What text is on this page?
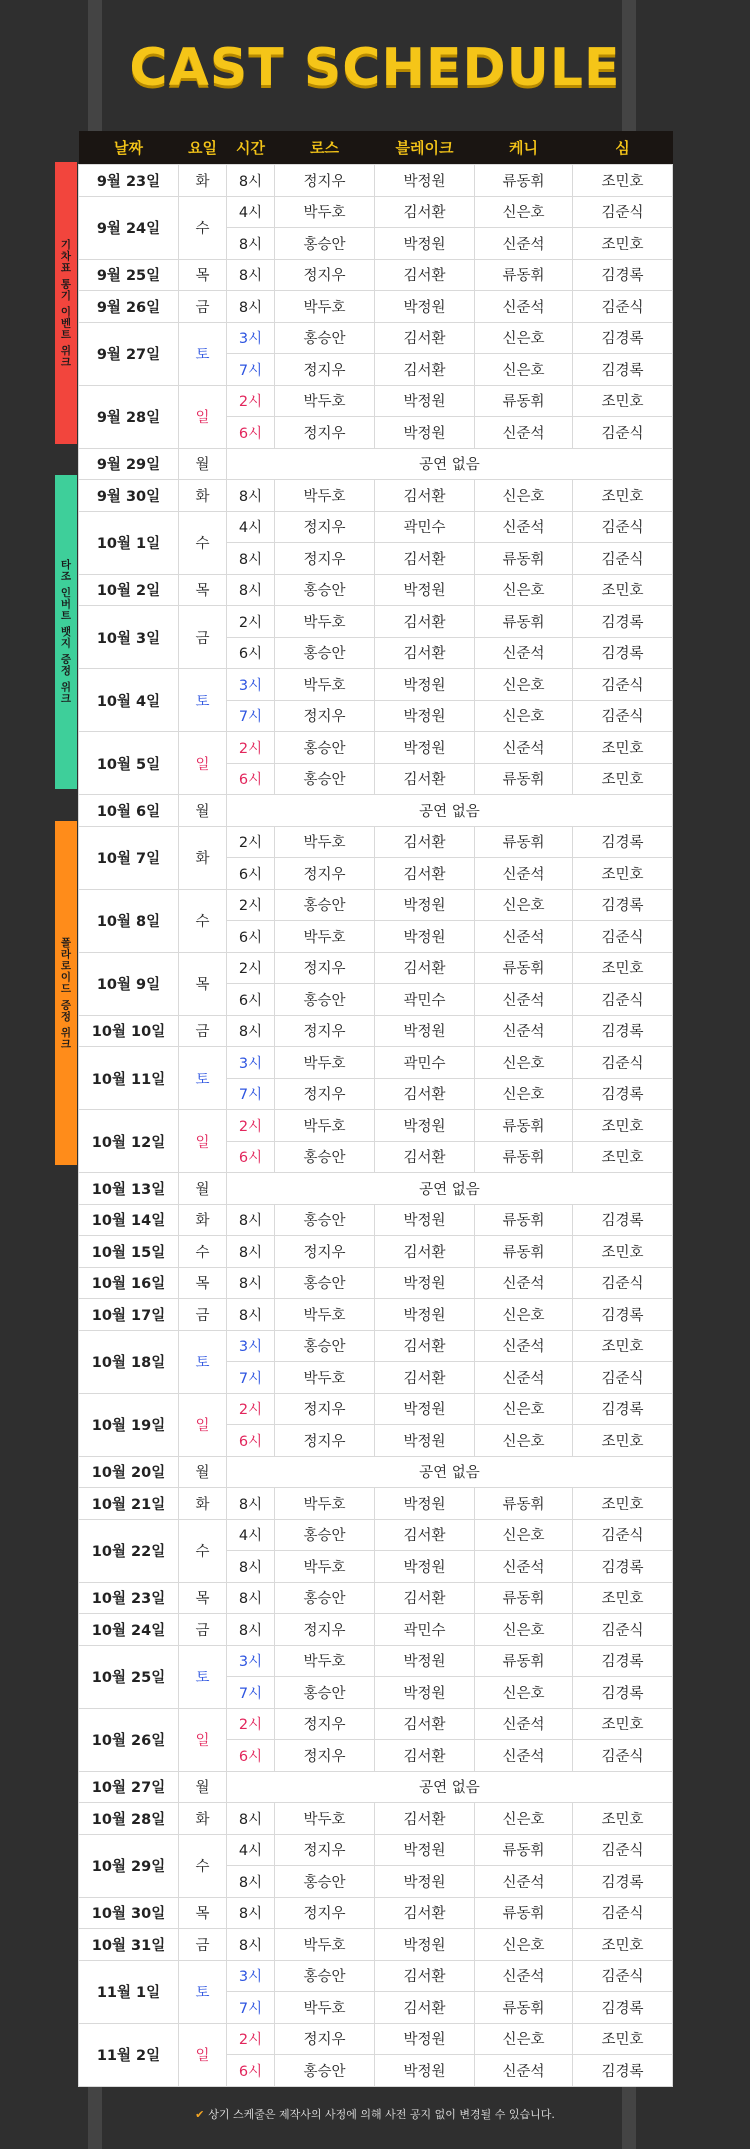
CAST SCHEDULE
기차표 통기 이벤트 위크
타조 인버트 뱃지 증정 위크
폴라로이드 증정 위크
날짜	요일	시간	로스	블레이크	케니	심
9월 23일	화	8시	정지우	박정원	류동휘	조민호
9월 24일	수	4시	박두호	김서환	신은호	김준식
		8시	홍승안	박정원	신준석	조민호
9월 25일	목	8시	정지우	김서환	류동휘	김경록
9월 26일	금	8시	박두호	박정원	신준석	김준식
9월 27일	토	3시	홍승안	김서환	신은호	김경록
		7시	정지우	김서환	신은호	김경록
9월 28일	일	2시	박두호	박정원	류동휘	조민호
		6시	정지우	박정원	신준석	김준식
9월 29일	월	공연 없음				
9월 30일	화	8시	박두호	김서환	신은호	조민호
10월 1일	수	4시	정지우	곽민수	신준석	김준식
		8시	정지우	김서환	류동휘	김준식
10월 2일	목	8시	홍승안	박정원	신은호	조민호
10월 3일	금	2시	박두호	김서환	류동휘	김경록
		6시	홍승안	김서환	신준석	김경록
10월 4일	토	3시	박두호	박정원	신은호	김준식
		7시	정지우	박정원	신은호	김준식
10월 5일	일	2시	홍승안	박정원	신준석	조민호
		6시	홍승안	김서환	류동휘	조민호
10월 6일	월	공연 없음				
10월 7일	화	2시	박두호	김서환	류동휘	김경록
		6시	정지우	김서환	신준석	조민호
10월 8일	수	2시	홍승안	박정원	신은호	김경록
		6시	박두호	박정원	신준석	김준식
10월 9일	목	2시	정지우	김서환	류동휘	조민호
		6시	홍승안	곽민수	신준석	김준식
10월 10일	금	8시	정지우	박정원	신준석	김경록
10월 11일	토	3시	박두호	곽민수	신은호	김준식
		7시	정지우	김서환	신은호	김경록
10월 12일	일	2시	박두호	박정원	류동휘	조민호
		6시	홍승안	김서환	류동휘	조민호
10월 13일	월	공연 없음				
10월 14일	화	8시	홍승안	박정원	류동휘	김경록
10월 15일	수	8시	정지우	김서환	류동휘	조민호
10월 16일	목	8시	홍승안	박정원	신준석	김준식
10월 17일	금	8시	박두호	박정원	신은호	김경록
10월 18일	토	3시	홍승안	김서환	신준석	조민호
		7시	박두호	김서환	신준석	김준식
10월 19일	일	2시	정지우	박정원	신은호	김경록
		6시	정지우	박정원	신은호	조민호
10월 20일	월	공연 없음				
10월 21일	화	8시	박두호	박정원	류동휘	조민호
10월 22일	수	4시	홍승안	김서환	신은호	김준식
		8시	박두호	박정원	신준석	김경록
10월 23일	목	8시	홍승안	김서환	류동휘	조민호
10월 24일	금	8시	정지우	곽민수	신은호	김준식
10월 25일	토	3시	박두호	박정원	류동휘	김경록
		7시	홍승안	박정원	신은호	김경록
10월 26일	일	2시	정지우	김서환	신준석	조민호
		6시	정지우	김서환	신준석	김준식
10월 27일	월	공연 없음				
10월 28일	화	8시	박두호	김서환	신은호	조민호
10월 29일	수	4시	정지우	박정원	류동휘	김준식
		8시	홍승안	박정원	신준석	김경록
10월 30일	목	8시	정지우	김서환	류동휘	김준식
10월 31일	금	8시	박두호	박정원	신은호	조민호
11월 1일	토	3시	홍승안	김서환	신준석	김준식
		7시	박두호	김서환	류동휘	김경록
11월 2일	일	2시	정지우	박정원	신은호	조민호
		6시	홍승안	박정원	신준석	김경록
✔ 상기 스케줄은 제작사의 사정에 의해 사전 공지 없이 변경될 수 있습니다.
